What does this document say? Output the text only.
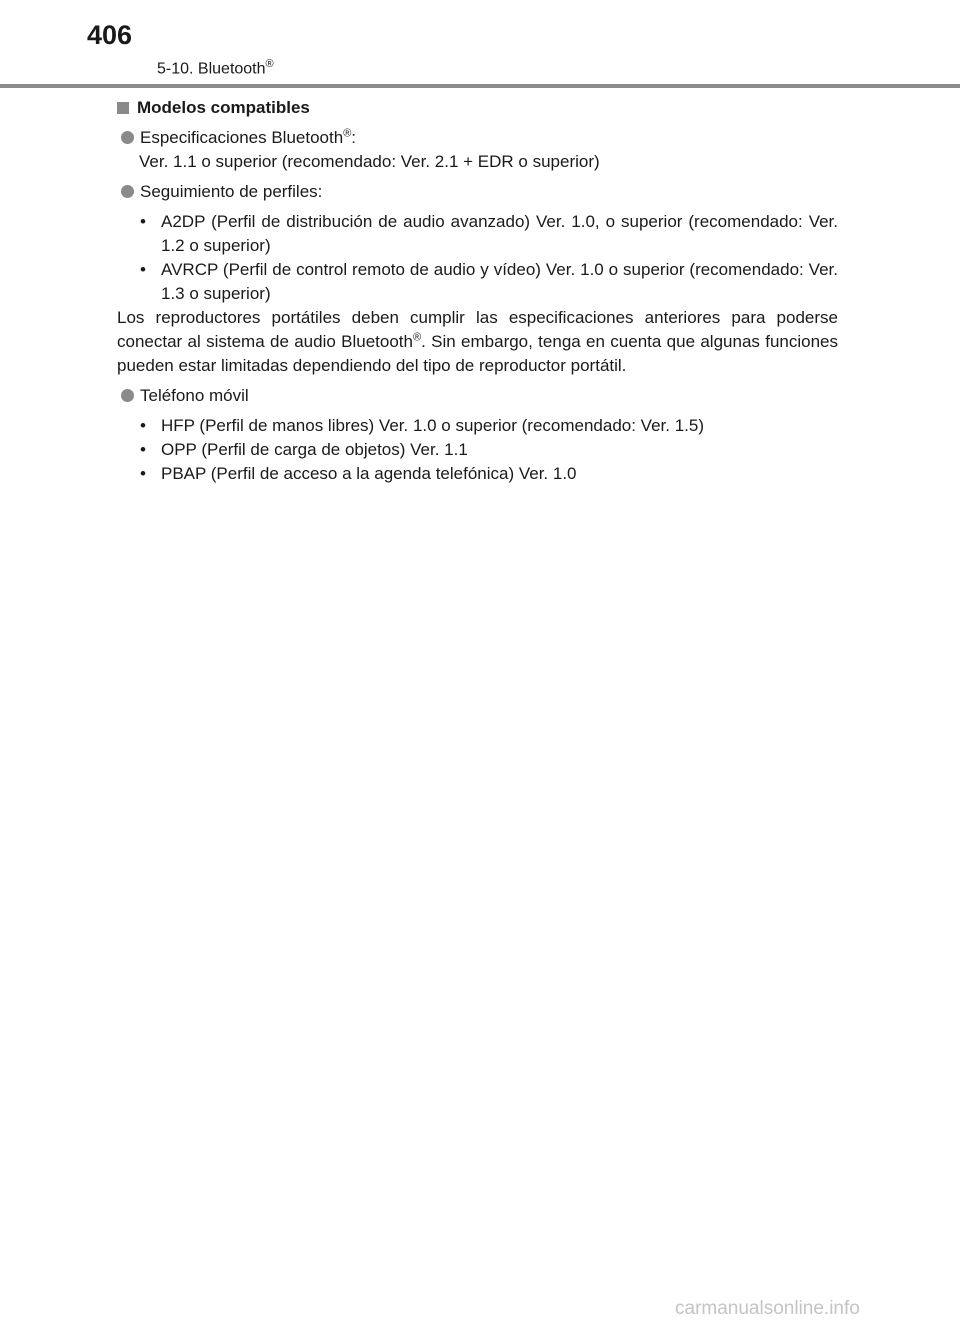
406
5-10. Bluetooth®
Modelos compatibles
Especificaciones Bluetooth®:
Ver. 1.1 o superior (recomendado: Ver. 2.1 + EDR o superior)
Seguimiento de perfiles:
• A2DP (Perfil de distribución de audio avanzado) Ver. 1.0, o superior (recomendado: Ver. 1.2 o superior)
• AVRCP (Perfil de control remoto de audio y vídeo) Ver. 1.0 o superior (recomendado: Ver. 1.3 o superior)

Los reproductores portátiles deben cumplir las especificaciones anteriores para poderse conectar al sistema de audio Bluetooth®. Sin embargo, tenga en cuenta que algunas funciones pueden estar limitadas dependiendo del tipo de reproductor portátil.

Teléfono móvil
• HFP (Perfil de manos libres) Ver. 1.0 o superior (recomendado: Ver. 1.5)
• OPP (Perfil de carga de objetos) Ver. 1.1
• PBAP (Perfil de acceso a la agenda telefónica) Ver. 1.0
carmanualsonline.info
